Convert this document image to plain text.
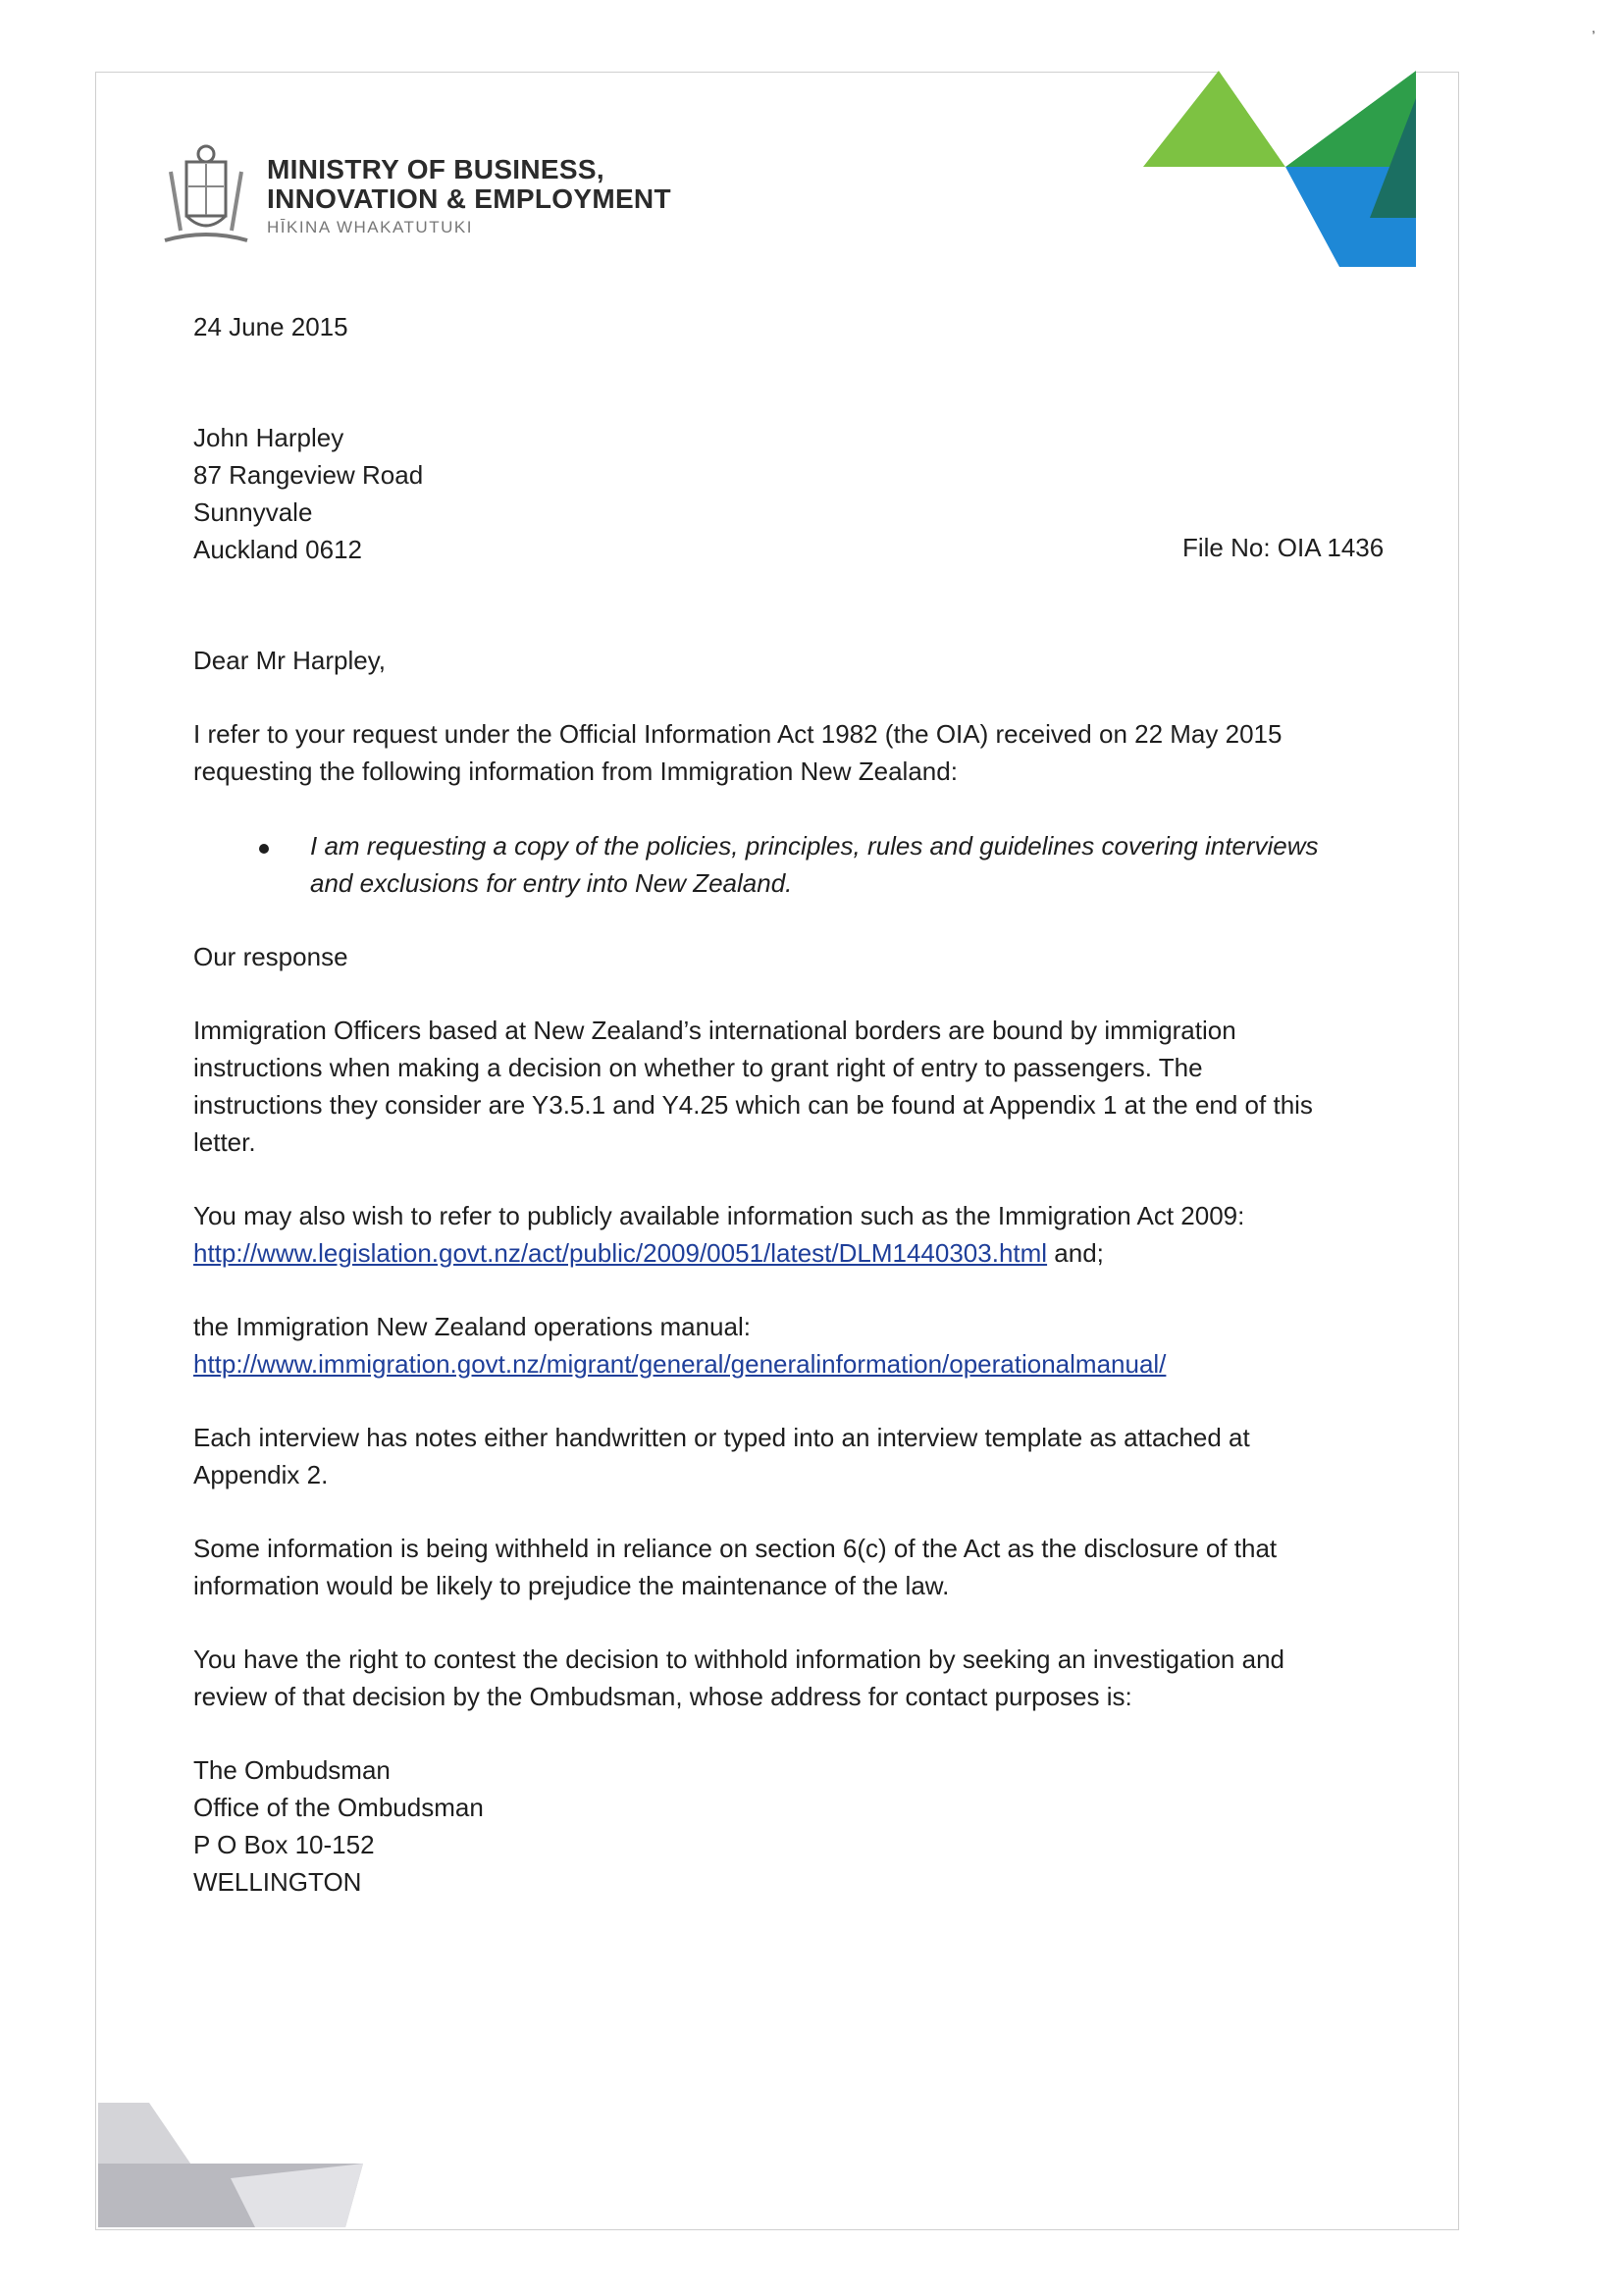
,
MINISTRY OF BUSINESS,
INNOVATION & EMPLOYMENT
HĪKINA WHAKATUTUKI
24 June 2015
John Harpley
87 Rangeview Road
Sunnyvale
Auckland 0612	File No: OIA 1436
Dear Mr Harpley,
I refer to your request under the Official Information Act 1982 (the OIA) received on 22 May 2015
requesting the following information from Immigration New Zealand:
I am requesting a copy of the policies, principles, rules and guidelines covering interviews
and exclusions for entry into New Zealand.
Our response
Immigration Officers based at New Zealand’s international borders are bound by immigration
instructions when making a decision on whether to grant right of entry to passengers. The
instructions they consider are Y3.5.1 and Y4.25 which can be found at Appendix 1 at the end of this
letter.
You may also wish to refer to publicly available information such as the Immigration Act 2009:
http://www.legislation.govt.nz/act/public/2009/0051/latest/DLM1440303.html and;
the Immigration New Zealand operations manual:
http://www.immigration.govt.nz/migrant/general/generalinformation/operationalmanual/
Each interview has notes either handwritten or typed into an interview template as attached at
Appendix 2.
Some information is being withheld in reliance on section 6(c) of the Act as the disclosure of that
information would be likely to prejudice the maintenance of the law.
You have the right to contest the decision to withhold information by seeking an investigation and
review of that decision by the Ombudsman, whose address for contact purposes is:
The Ombudsman
Office of the Ombudsman
P O Box 10-152
WELLINGTON
